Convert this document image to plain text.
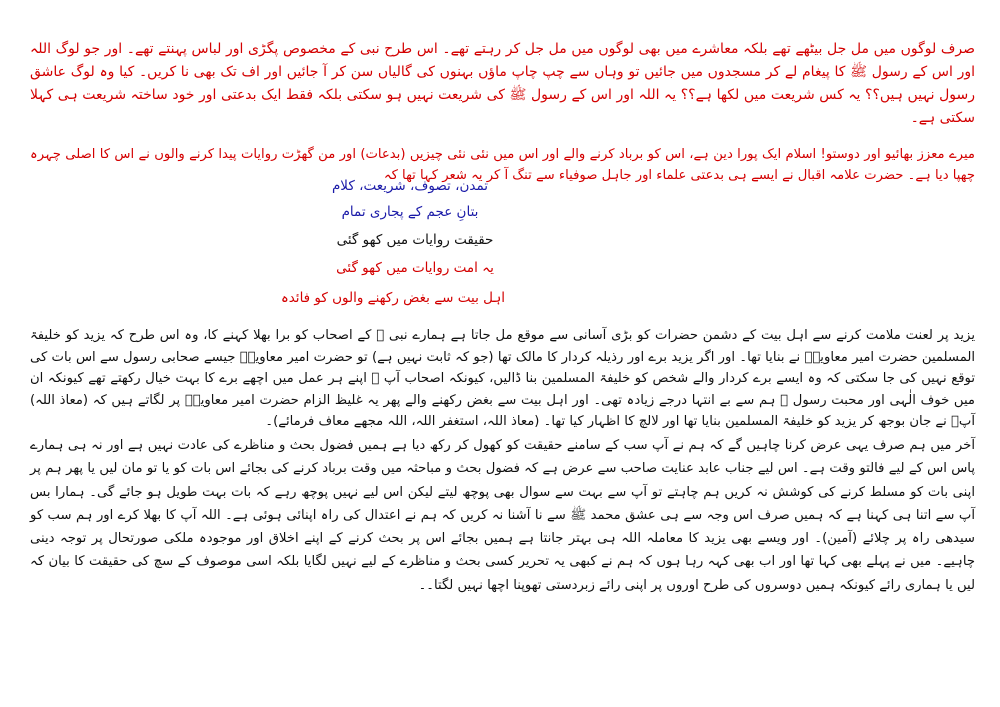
صرف لوگوں میں مل جل بیٹھے تھے بلکہ معاشرے میں بھی لوگوں میں مل جل کر رہتے تھے۔ اس طرح نبی کے مخصوص پگڑی اور لباس پہنتے تھے۔ اور جو لوگ اللہ اور اس کے رسول ﷺ کا پیغام لے کر مسجدوں میں جائیں تو وہاں سے چپ چاپ ماؤں بہنوں کی گالیاں سن کر آ جائیں اور اف تک بھی نا کریں۔ کیا وہ لوگ عاشق رسول نہیں ہیں؟؟ یہ کس شریعت میں لکھا ہے؟؟ یہ اللہ اور اس کے رسول ﷺ کی شریعت نہیں ہو سکتی بلکہ فقط ایک بدعتی اور خود ساختہ شریعت ہی کہلا سکتی ہے۔
میرے معزز بھائیو اور دوستو! اسلام ایک پورا دین ہے، اس کو برباد کرنے والے اور اس میں نئی نئی چیزیں (بدعات) اور من گھڑت روایات پیدا کرنے والوں نے اس کا اصلی چہرہ چھپا دیا ہے۔ حضرت علامہ اقبال نے ایسے ہی بدعتی علماء اور جاہل صوفیاء سے تنگ آ کر یہ شعر کہا تھا کہ
تمدن، تصوف، شریعت، کلام
بتانِ عجم کے پجاری تمام
حقیقت روایات میں کھو گئی
یہ امت روایات میں کھو گئی
اہل بیت سے بغض رکھنے والوں کو فائدہ
یزید پر لعنت ملامت کرنے سے اہل بیت کے دشمن حضرات کو بڑی آسانی سے موقع مل جاتا ہے ہمارے نبی ﷺ کے اصحاب کو برا بھلا کہنے کا، وہ اس طرح کہ یزید کو خلیفۃ المسلمین حضرت امیر معاویہؓ نے بنایا تھا۔ اور اگر یزید برے اور رذیلہ کردار کا مالک تھا (جو کہ ثابت نہیں ہے) تو حضرت امیر معاویہؓ جیسے صحابی رسول سے اس بات کی توقع نہیں کی جا سکتی کہ وہ ایسے برے کردار والے شخص کو خلیفۃ المسلمین بنا ڈالیں، کیونکہ اصحاب آپ ﷺ اپنے ہر عمل میں اچھے برے کا بہت خیال رکھتے تھے کیونکہ ان میں خوف الٰہی اور محبت رسول ﷺ ہم سے بے انتہا درجے زیادہ تھی۔ اور اہل بیت سے بغض رکھنے والے پھر یہ غلیظ الزام حضرت امیر معاویہؓ پر لگاتے ہیں کہ (معاذ اللہ) آپؓ نے جان بوجھ کر یزید کو خلیفۃ المسلمین بنایا تھا اور لالچ کا اظہار کیا تھا۔ (معاذ اللہ، استغفر اللہ، اللہ مجھے معاف فرمائے)۔
آخر میں ہم صرف یہی عرض کرنا چاہیں گے کہ ہم نے آپ سب کے سامنے حقیقت کو کھول کر رکھ دیا ہے ہمیں فضول بحث و مناظرے کی عادت نہیں ہے اور نہ ہی ہمارے پاس اس کے لیے فالتو وقت ہے۔ اس لیے جناب عابد عنایت صاحب سے عرض ہے کہ فضول بحث و مباحثہ میں وقت برباد کرنے کی بجائے اس بات کو یا تو مان لیں یا پھر ہم پر اپنی بات کو مسلط کرنے کی کوشش نہ کریں ہم چاہتے تو آپ سے بہت سے سوال بھی پوچھ لیتے لیکن اس لیے نہیں پوچھ رہے کہ بات بہت طویل ہو جائے گی۔ ہمارا بس آپ سے اتنا ہی کہنا ہے کہ ہمیں صرف اس وجہ سے ہی عشق محمد ﷺ سے نا آشنا نہ کریں کہ ہم نے اعتدال کی راہ اپنائی ہوئی ہے۔ اللہ آپ کا بھلا کرے اور ہم سب کو سیدھی راہ پر چلائے (آمین)۔ اور ویسے بھی یزید کا معاملہ اللہ ہی بہتر جانتا ہے ہمیں بجائے اس پر بحث کرنے کے اپنے اخلاق اور موجودہ ملکی صورتحال پر توجہ دینی چاہیے۔ میں نے پہلے بھی کہا تھا اور اب بھی کہہ رہا ہوں کہ ہم نے کبھی یہ تحریر کسی بحث و مناظرے کے لیے نہیں لگایا بلکہ اسی موصوف کے سچ کی حقیقت کا بیان کہ لیں یا ہماری رائے کیونکہ ہمیں دوسروں کی طرح اوروں پر اپنی رائے زبردستی تھوپنا اچھا نہیں لگتا۔۔
